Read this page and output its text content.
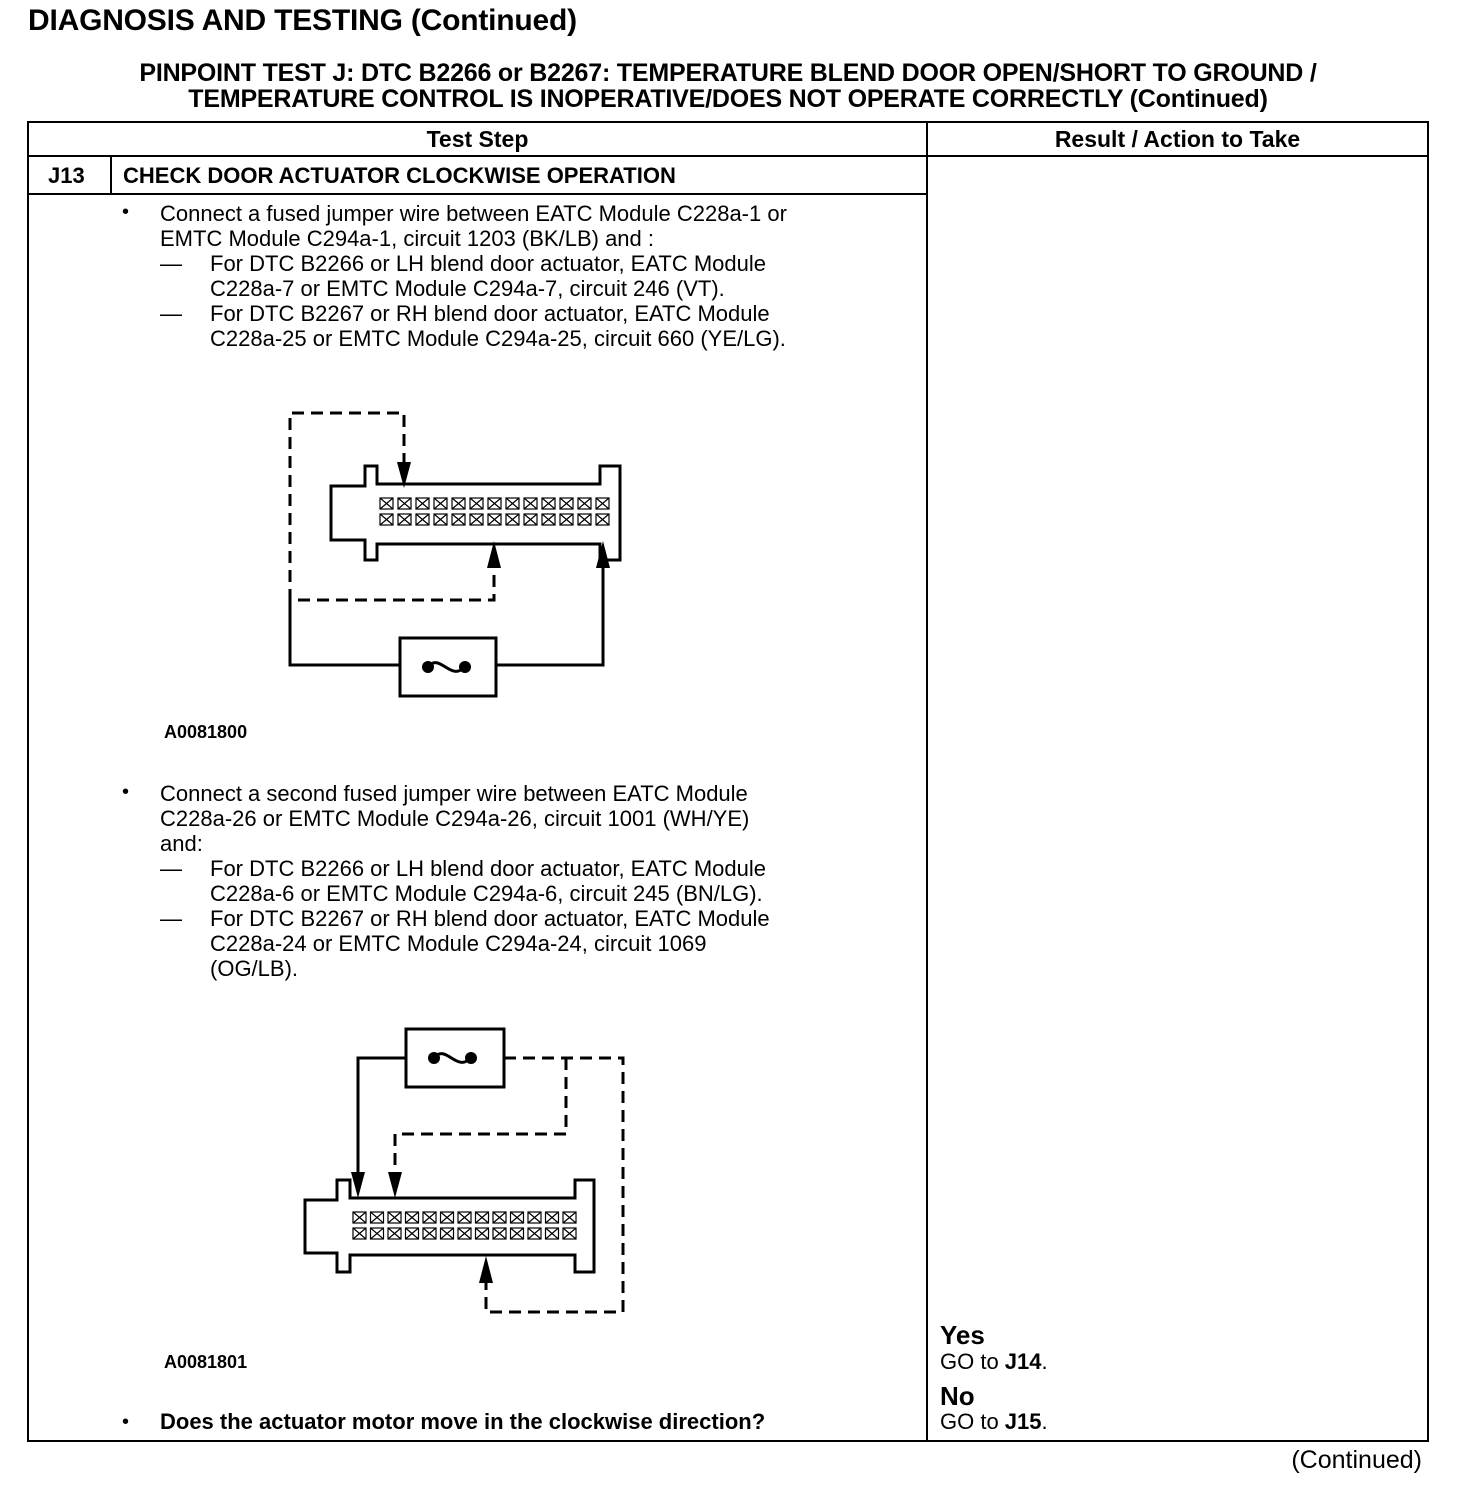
DIAGNOSIS AND TESTING (Continued)
PINPOINT TEST J: DTC B2266 or B2267: TEMPERATURE BLEND DOOR OPEN/SHORT TO GROUND /
TEMPERATURE CONTROL IS INOPERATIVE/DOES NOT OPERATE CORRECTLY (Continued)
Test Step	Result / Action to Take
J13 CHECK DOOR ACTUATOR CLOCKWISE OPERATION
• Connect a fused jumper wire between EATC Module C228a-1 or
EMTC Module C294a-1, circuit 1203 (BK/LB) and :
— For DTC B2266 or LH blend door actuator, EATC Module
C228a-7 or EMTC Module C294a-7, circuit 246 (VT).
— For DTC B2267 or RH blend door actuator, EATC Module
C228a-25 or EMTC Module C294a-25, circuit 660 (YE/LG).
A0081800
• Connect a second fused jumper wire between EATC Module
C228a-26 or EMTC Module C294a-26, circuit 1001 (WH/YE)
and:
— For DTC B2266 or LH blend door actuator, EATC Module
C228a-6 or EMTC Module C294a-6, circuit 245 (BN/LG).
— For DTC B2267 or RH blend door actuator, EATC Module
C228a-24 or EMTC Module C294a-24, circuit 1069
(OG/LB).
A0081801
• Does the actuator motor move in the clockwise direction?
Yes
GO to J14.
No
GO to J15.
(Continued)
